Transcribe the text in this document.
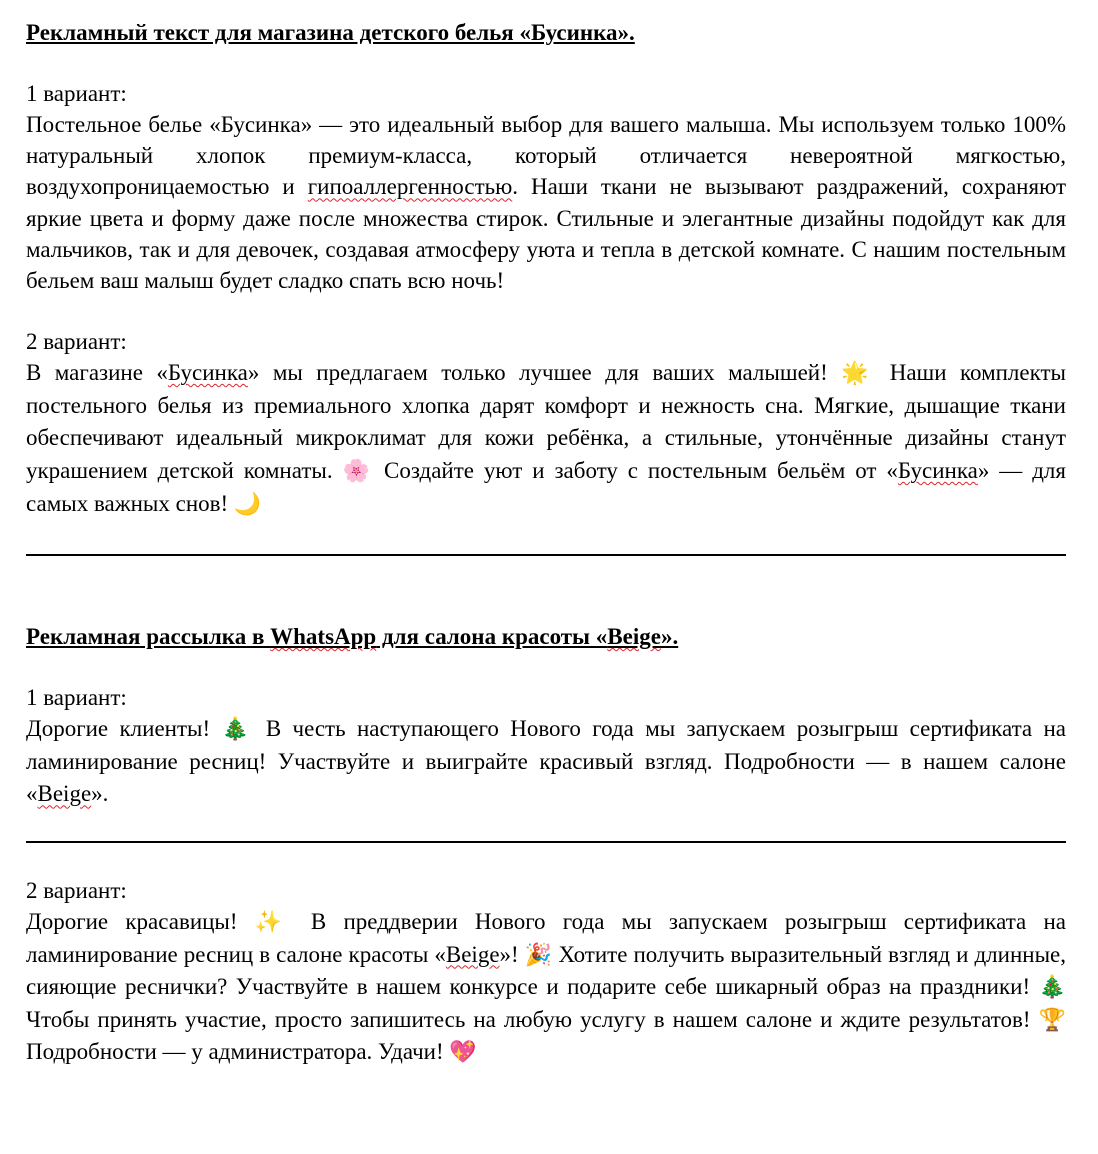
Рекламный текст для магазина детского белья «Бусинка».

1 вариант:

Постельное белье «Бусинка» — это идеальный выбор для вашего малыша. Мы используем только 100% натуральный хлопок премиум-класса, который отличается невероятной мягкостью, воздухопроницаемостью и гипоаллергенностью. Наши ткани не вызывают раздражений, сохраняют яркие цвета и форму даже после множества стирок. Стильные и элегантные дизайны подойдут как для мальчиков, так и для девочек, создавая атмосферу уюта и тепла в детской комнате. С нашим постельным бельем ваш малыш будет сладко спать всю ночь!

2 вариант:

В магазине «Бусинка» мы предлагаем только лучшее для ваших малышей! 🌟 Наши комплекты постельного белья из премиального хлопка дарят комфорт и нежность сна. Мягкие, дышащие ткани обеспечивают идеальный микроклимат для кожи ребёнка, а стильные, утончённые дизайны станут украшением детской комнаты. 🌸 Создайте уют и заботу с постельным бельём от «Бусинка» — для самых важных снов! 🌙

Рекламная рассылка в WhatsApp для салона красоты «Beige».

1 вариант:

Дорогие клиенты! 🎄 В честь наступающего Нового года мы запускаем розыгрыш сертификата на ламинирование ресниц! Участвуйте и выиграйте красивый взгляд. Подробности — в нашем салоне «Beige».

2 вариант:

Дорогие красавицы! ✨ В преддверии Нового года мы запускаем розыгрыш сертификата на ламинирование ресниц в салоне красоты «Beige»! 🎉 Хотите получить выразительный взгляд и длинные, сияющие реснички? Участвуйте в нашем конкурсе и подарите себе шикарный образ на праздники! 🎄 Чтобы принять участие, просто запишитесь на любую услугу в нашем салоне и ждите результатов! 🏆 Подробности — у администратора. Удачи! 💖
